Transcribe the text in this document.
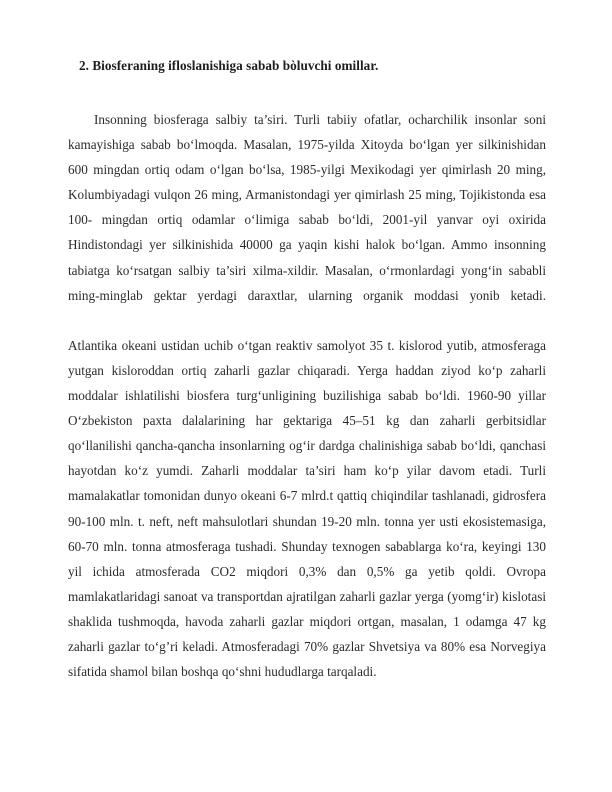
2. Biosferaning ifloslanishiga sabab bòluvchi omillar.

Insonning biosferaga salbiy ta’siri. Turli tabiiy ofatlar, ocharchilik insonlar soni kamayishiga sabab bo‘lmoqda. Masalan, 1975-yilda Xitoyda bo‘lgan yer silkinishidan 600 mingdan ortiq odam o‘lgan bo‘lsa, 1985-yilgi Mexikodagi yer qimirlash 20 ming, Kolumbiyadagi vulqon 26 ming, Armanistondagi yer qimirlash 25 ming, Tojikistonda esa 100- mingdan ortiq odamlar o‘limiga sabab bo‘ldi, 2001-yil yanvar oyi oxirida Hindistondagi yer silkinishida 40000 ga yaqin kishi halok bo‘lgan. Ammo insonning tabiatga ko‘rsatgan salbiy ta’siri xilma-xildir. Masalan, o‘rmonlardagi yong‘in sababli ming-minglab gektar yerdagi daraxtlar, ularning organik moddasi yonib ketadi.

Atlantika okeani ustidan uchib o‘tgan reaktiv samolyot 35 t. kislorod yutib, atmosferaga yutgan kisloroddan ortiq zaharli gazlar chiqaradi. Yerga haddan ziyod ko‘p zaharli moddalar ishlatilishi biosfera turg‘unligining buzilishiga sabab bo‘ldi. 1960-90 yillar O‘zbekiston paxta dalalarining har gektariga 45–51 kg dan zaharli gerbitsidlar qo‘llanilishi qancha-qancha insonlarning og‘ir dardga chalinishiga sabab bo‘ldi, qanchasi hayotdan ko‘z yumdi. Zaharli moddalar ta’siri ham ko‘p yilar davom etadi. Turli mamalakatlar tomonidan dunyo okeani 6-7 mlrd.t qattiq chiqindilar tashlanadi, gidrosfera 90-100 mln. t. neft, neft mahsulotlari shundan 19-20 mln. tonna yer usti ekosistemasiga, 60-70 mln. tonna atmosferaga tushadi. Shunday texnogen sabablarga ko‘ra, keyingi 130 yil ichida atmosferada CO2 miqdori 0,3% dan 0,5% ga yetib qoldi. Ovropa mamlakatlaridagi sanoat va transportdan ajratilgan zaharli gazlar yerga (yomg‘ir) kislotasi shaklida tushmoqda, havoda zaharli gazlar miqdori ortgan, masalan, 1 odamga 47 kg zaharli gazlar to‘g’ri keladi. Atmosferadagi 70% gazlar Shvetsiya va 80% esa Norvegiya sifatida shamol bilan boshqa qo‘shni hududlarga tarqaladi.
